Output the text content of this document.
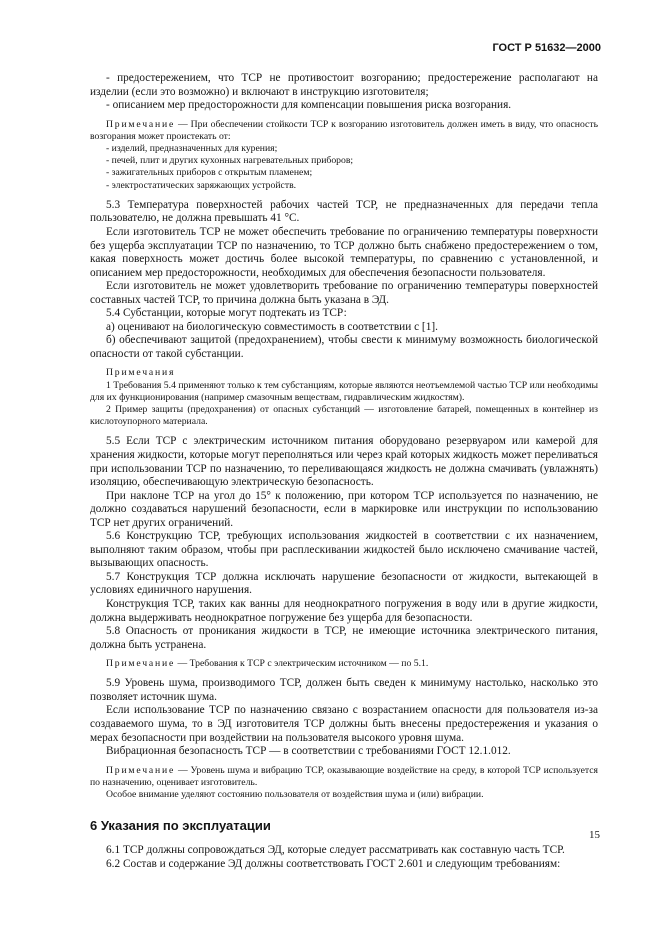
ГОСТ Р 51632—2000

- предостережением, что ТСР не противостоит возгоранию; предостережение располагают на изделии (если это возможно) и включают в инструкцию изготовителя;

- описанием мер предосторожности для компенсации повышения риска возгорания.

Примечание — При обеспечении стойкости ТСР к возгоранию изготовитель должен иметь в виду, что опасность возгорания может проистекать от:

- изделий, предназначенных для курения;

- печей, плит и других кухонных нагревательных приборов;

- зажигательных приборов с открытым пламенем;

- электростатических заряжающих устройств.

5.3 Температура поверхностей рабочих частей ТСР, не предназначенных для передачи тепла пользователю, не должна превышать 41 °С.

Если изготовитель ТСР не может обеспечить требование по ограничению температуры поверхности без ущерба эксплуатации ТСР по назначению, то ТСР должно быть снабжено предостережением о том, какая поверхность может достичь более высокой температуры, по сравнению с установленной, и описанием мер предосторожности, необходимых для обеспечения безопасности пользователя.

Если изготовитель не может удовлетворить требование по ограничению температуры поверхностей составных частей ТСР, то причина должна быть указана в ЭД.

5.4 Субстанции, которые могут подтекать из ТСР:

а) оценивают на биологическую совместимость в соответствии с [1].

б) обеспечивают защитой (предохранением), чтобы свести к минимуму возможность биологической опасности от такой субстанции.

Примечания

1 Требования 5.4 применяют только к тем субстанциям, которые являются неотъемлемой частью ТСР или необходимы для их функционирования (например смазочным веществам, гидравлическим жидкостям).

2 Пример защиты (предохранения) от опасных субстанций — изготовление батарей, помещенных в контейнер из кислотоупорного материала.

5.5 Если ТСР с электрическим источником питания оборудовано резервуаром или камерой для хранения жидкости, которые могут переполняться или через край которых жидкость может переливаться при использовании ТСР по назначению, то переливающаяся жидкость не должна смачивать (увлажнять) изоляцию, обеспечивающую электрическую безопасность.

При наклоне ТСР на угол до 15° к положению, при котором ТСР используется по назначению, не должно создаваться нарушений безопасности, если в маркировке или инструкции по использованию ТСР нет других ограничений.

5.6 Конструкцию ТСР, требующих использования жидкостей в соответствии с их назначением, выполняют таким образом, чтобы при расплескивании жидкостей было исключено смачивание частей, вызывающих опасность.

5.7 Конструкция ТСР должна исключать нарушение безопасности от жидкости, вытекающей в условиях единичного нарушения.

Конструкция ТСР, таких как ванны для неоднократного погружения в воду или в другие жидкости, должна выдерживать неоднократное погружение без ущерба для безопасности.

5.8 Опасность от проникания жидкости в ТСР, не имеющие источника электрического питания, должна быть устранена.

Примечание — Требования к ТСР с электрическим источником — по 5.1.

5.9 Уровень шума, производимого ТСР, должен быть сведен к минимуму настолько, насколько это позволяет источник шума.

Если использование ТСР по назначению связано с возрастанием опасности для пользователя из-за создаваемого шума, то в ЭД изготовителя ТСР должны быть внесены предостережения и указания о мерах безопасности при воздействии на пользователя высокого уровня шума.

Вибрационная безопасность ТСР — в соответствии с требованиями ГОСТ 12.1.012.

Примечание — Уровень шума и вибрацию ТСР, оказывающие воздействие на среду, в которой ТСР используется по назначению, оценивает изготовитель.

Особое внимание уделяют состоянию пользователя от воздействия шума и (или) вибрации.

6 Указания по эксплуатации

6.1 ТСР должны сопровождаться ЭД, которые следует рассматривать как составную часть ТСР.

6.2 Состав и содержание ЭД должны соответствовать ГОСТ 2.601 и следующим требованиям:

15
